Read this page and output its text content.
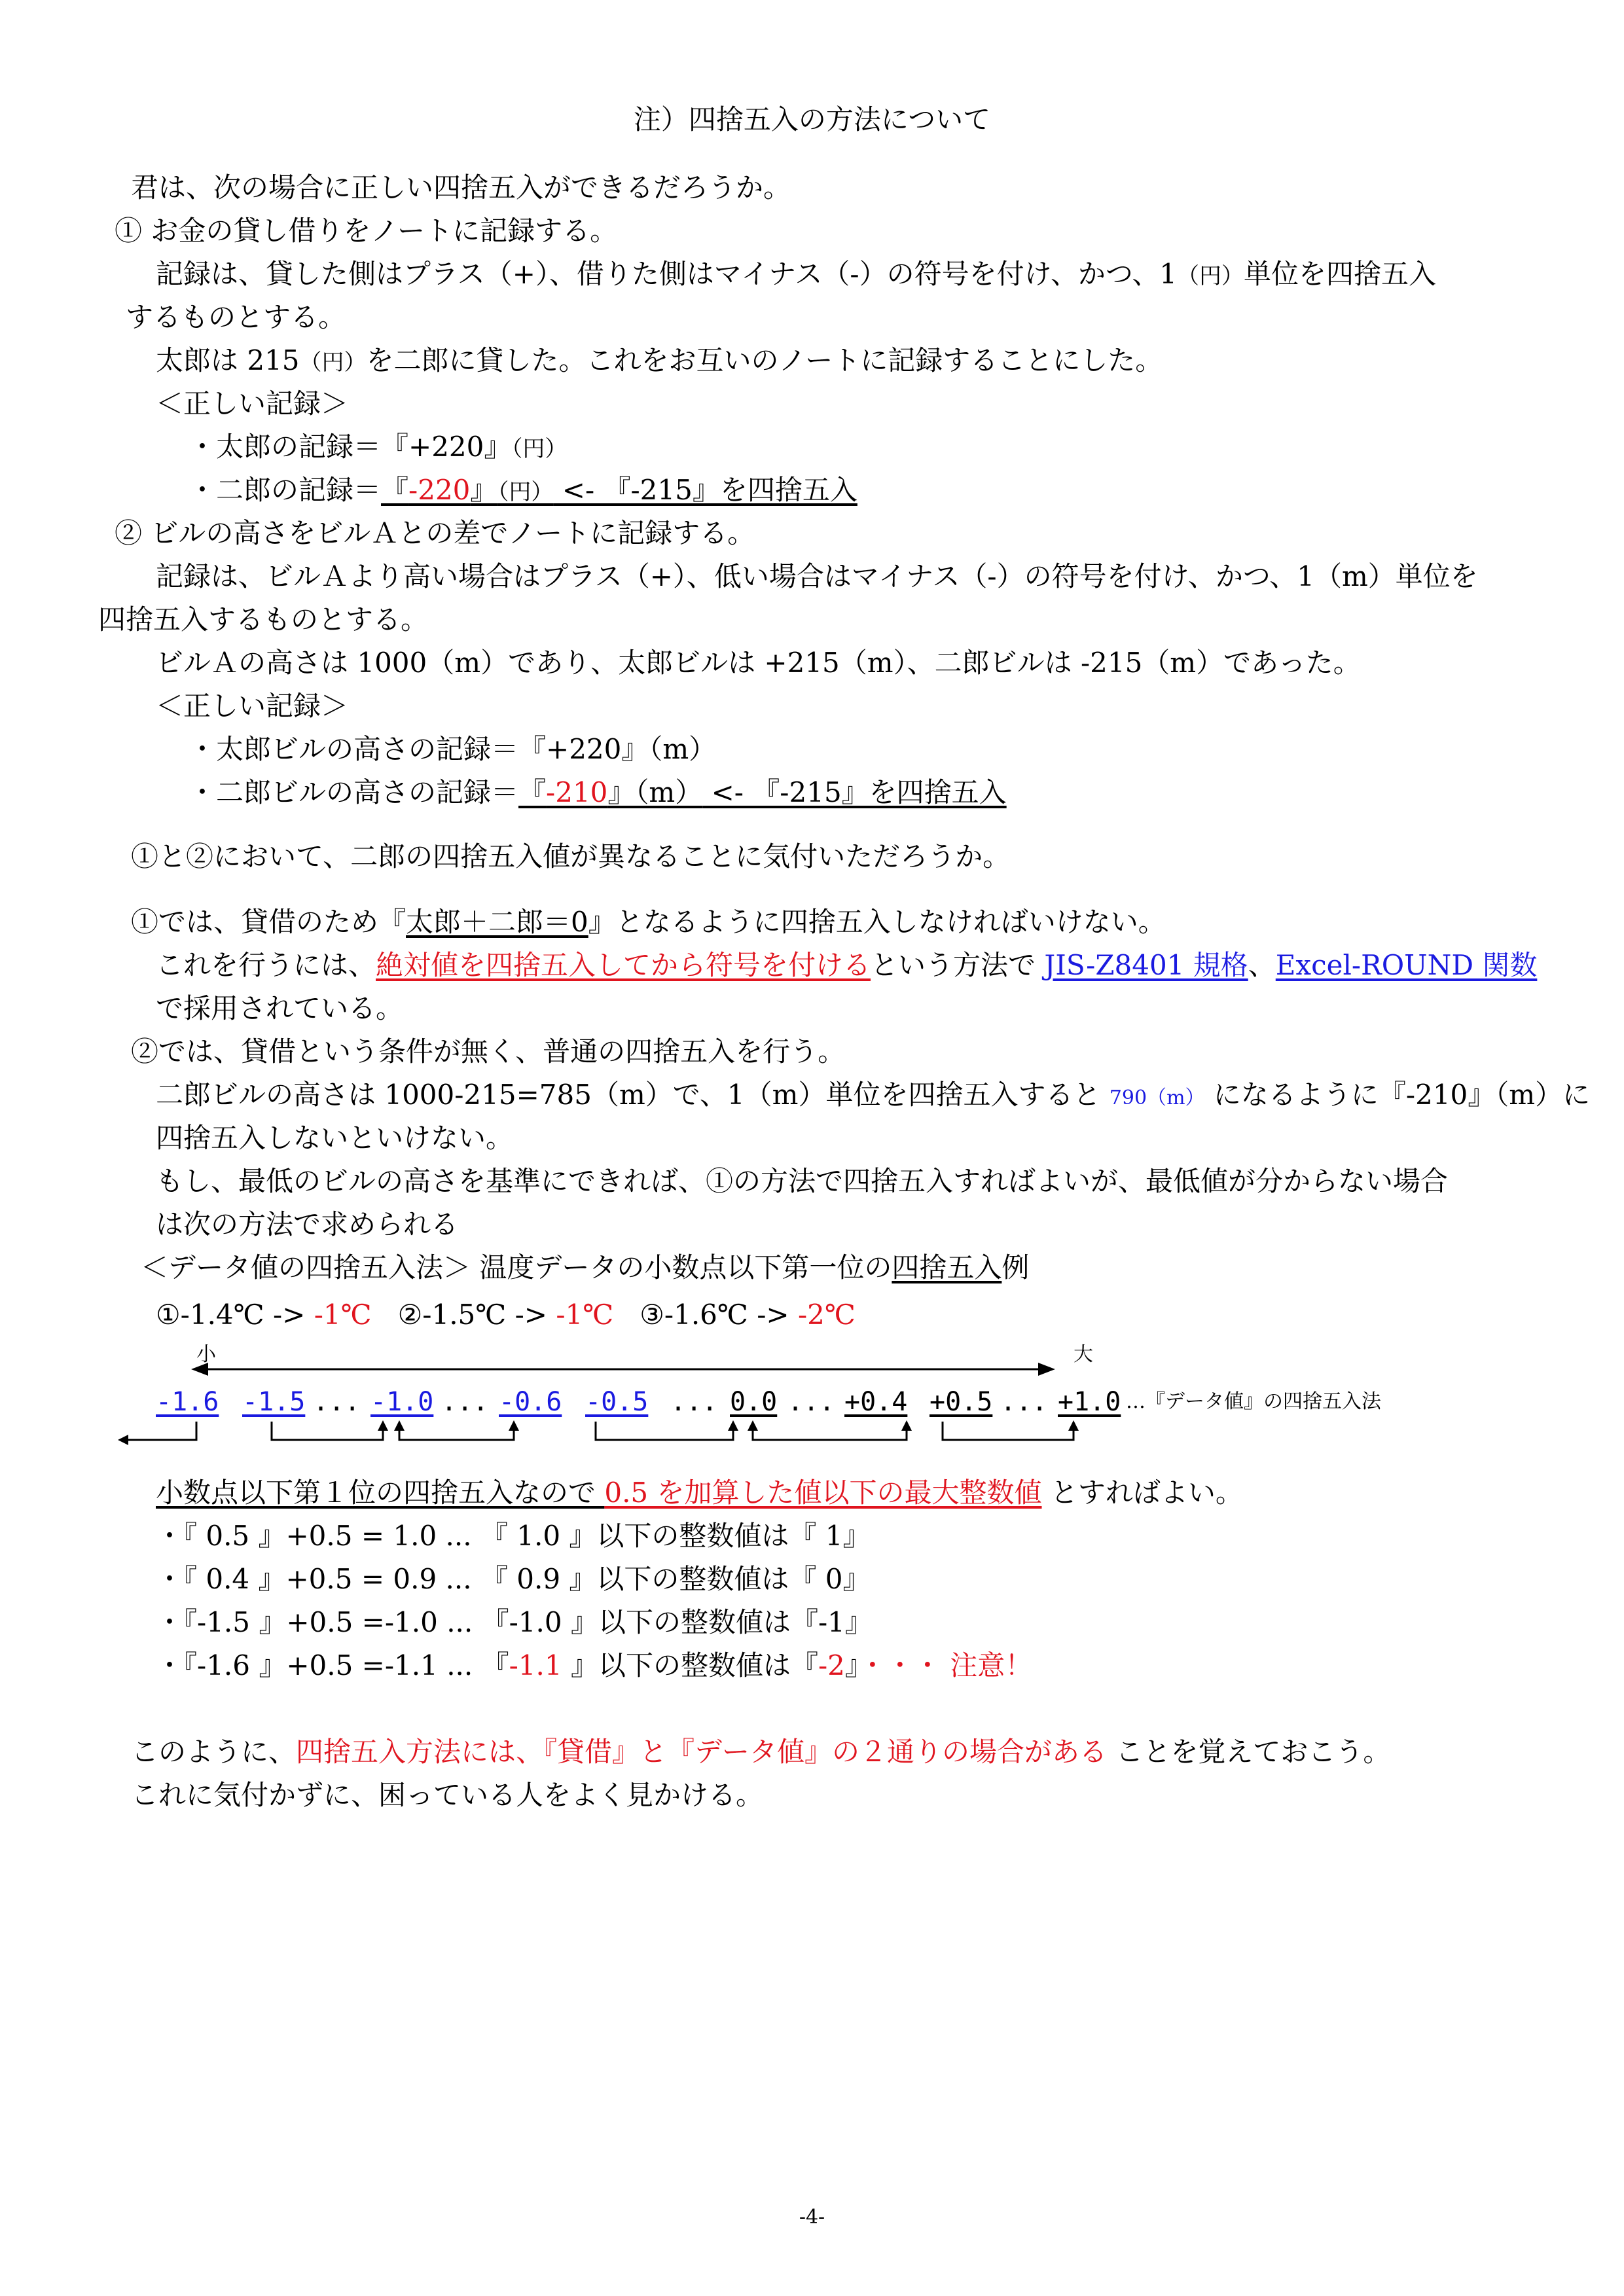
注）四捨五入の方法について
君は、次の場合に正しい四捨五入ができるだろうか。
① お金の貸し借りをノートに記録する。
記録は、貸した側はプラス（+）、借りた側はマイナス（-）の符号を付け、かつ、1（円）単位を四捨五入
するものとする。
太郎は 215（円）を二郎に貸した。これをお互いのノートに記録することにした。
＜正しい記録＞
・太郎の記録＝『+220』（円）
・二郎の記録＝『-220』（円） <- 『-215』を四捨五入
② ビルの高さをビルＡとの差でノートに記録する。
記録は、ビルＡより高い場合はプラス（+）、低い場合はマイナス（-）の符号を付け、かつ、1（m）単位を
四捨五入するものとする。
ビルＡの高さは 1000（m）であり、太郎ビルは +215（m）、二郎ビルは -215（m）であった。
＜正しい記録＞
・太郎ビルの高さの記録＝『+220』（m）
・二郎ビルの高さの記録＝『-210』（m） <- 『-215』を四捨五入
①と②において、二郎の四捨五入値が異なることに気付いただろうか。
①では、貸借のため『太郎＋二郎＝0』となるように四捨五入しなければいけない。
これを行うには、絶対値を四捨五入してから符号を付けるという方法で JIS-Z8401 規格、Excel-ROUND 関数
で採用されている。
②では、貸借という条件が無く、普通の四捨五入を行う。
二郎ビルの高さは 1000-215=785（m）で、1（m）単位を四捨五入すると 790（m） になるように『-210』（m）に
四捨五入しないといけない。
もし、最低のビルの高さを基準にできれば、①の方法で四捨五入すればよいが、最低値が分からない場合
は次の方法で求められる
＜データ値の四捨五入法＞ 温度データの小数点以下第一位の四捨五入例
①-1.4℃ -> -1℃ ②-1.5℃ -> -1℃ ③-1.6℃ -> -2℃
小	大
-1.6 -1.5 ... -1.0 ... -0.6 -0.5 ... 0.0 ... +0.4 +0.5 ... +1.0 …『データ値』の四捨五入法
小数点以下第１位の四捨五入なので 0.5 を加算した値以下の最大整数値 とすればよい。
・『 0.5 』+0.5 = 1.0 ... 『 1.0 』以下の整数値は『 1』
・『 0.4 』+0.5 = 0.9 ... 『 0.9 』以下の整数値は『 0』
・『-1.5 』+0.5 =-1.0 ... 『-1.0 』以下の整数値は『-1』
・『-1.6 』+0.5 =-1.1 ... 『-1.1 』以下の整数値は『-2』・・・ 注意！
このように、四捨五入方法には、『貸借』と『データ値』の２通りの場合がある ことを覚えておこう。
これに気付かずに、困っている人をよく見かける。
-4-
